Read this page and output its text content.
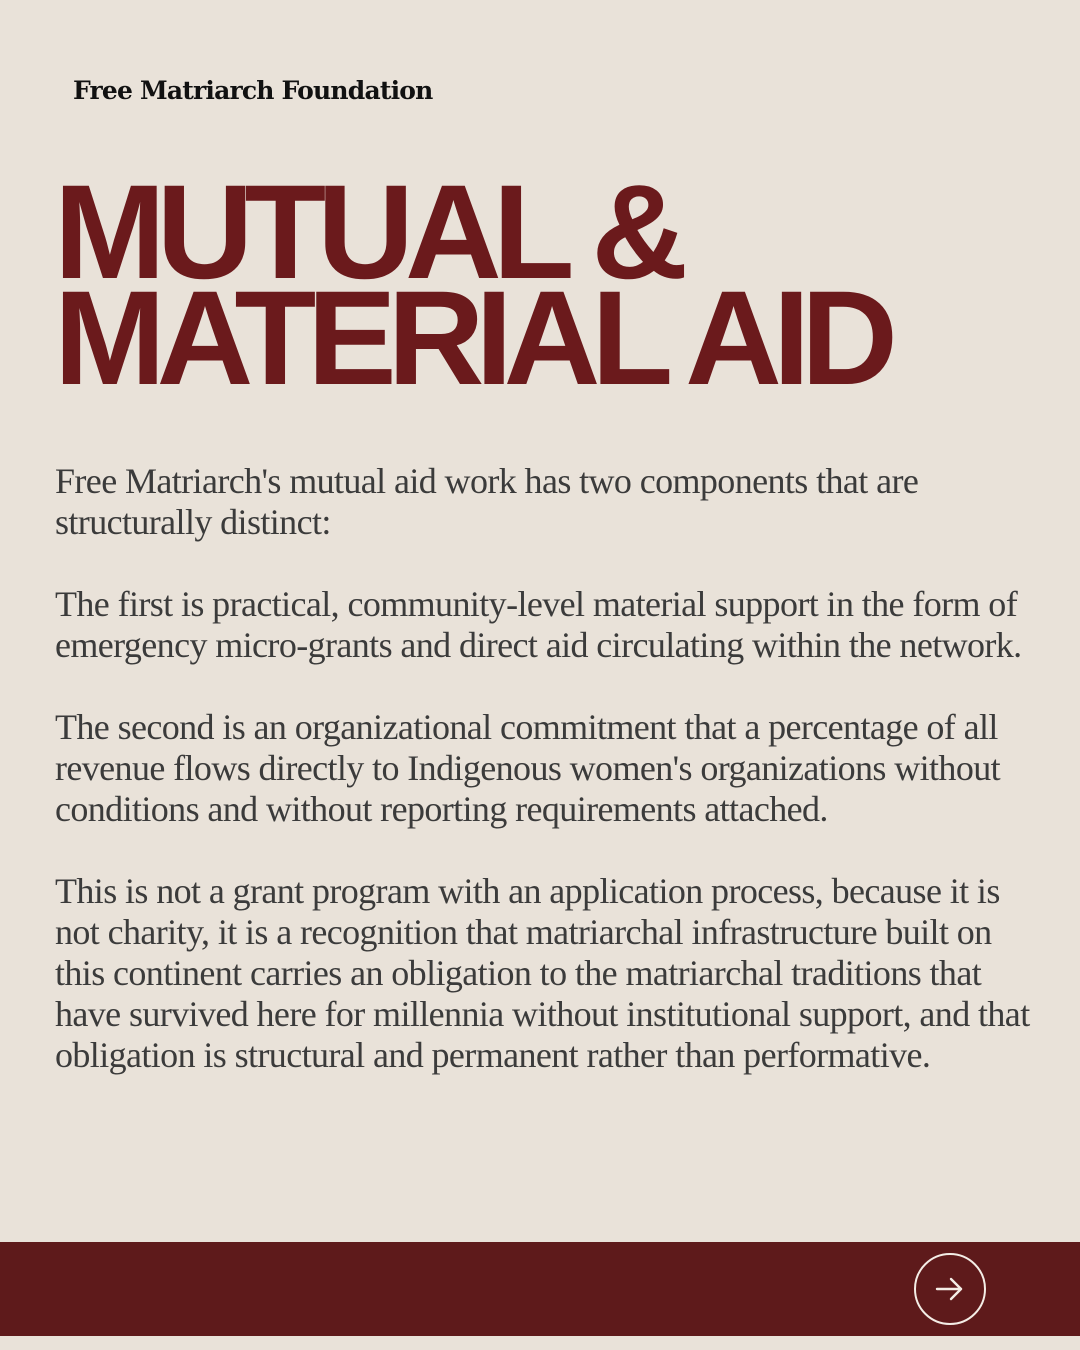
Free Matriarch Foundation
MUTUAL &
MATERIAL AID

Free Matriarch's mutual aid work has two components that are structurally distinct:

The first is practical, community-level material support in the form of emergency micro-grants and direct aid circulating within the network.

The second is an organizational commitment that a percentage of all revenue flows directly to Indigenous women's organizations without conditions and without reporting requirements attached.

This is not a grant program with an application process, because it is not charity, it is a recognition that matriarchal infrastructure built on this continent carries an obligation to the matriarchal traditions that have survived here for millennia without institutional support, and that obligation is structural and permanent rather than performative.
